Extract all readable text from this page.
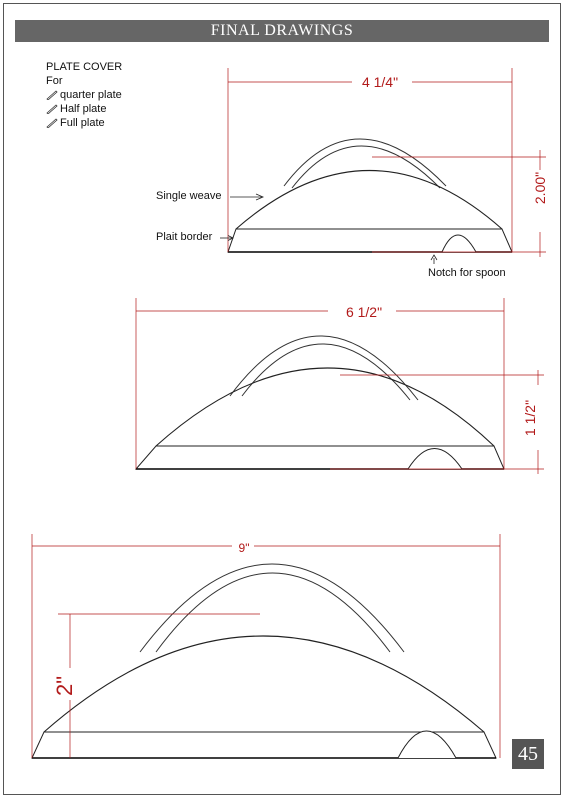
FINAL DRAWINGS
PLATE COVER
For
quarter plate
Half plate
Full plate
4 1/4"
2.00"
Single weave
Plait border
Notch for spoon
6 1/2"
1 1/2"
9"
2"
45
